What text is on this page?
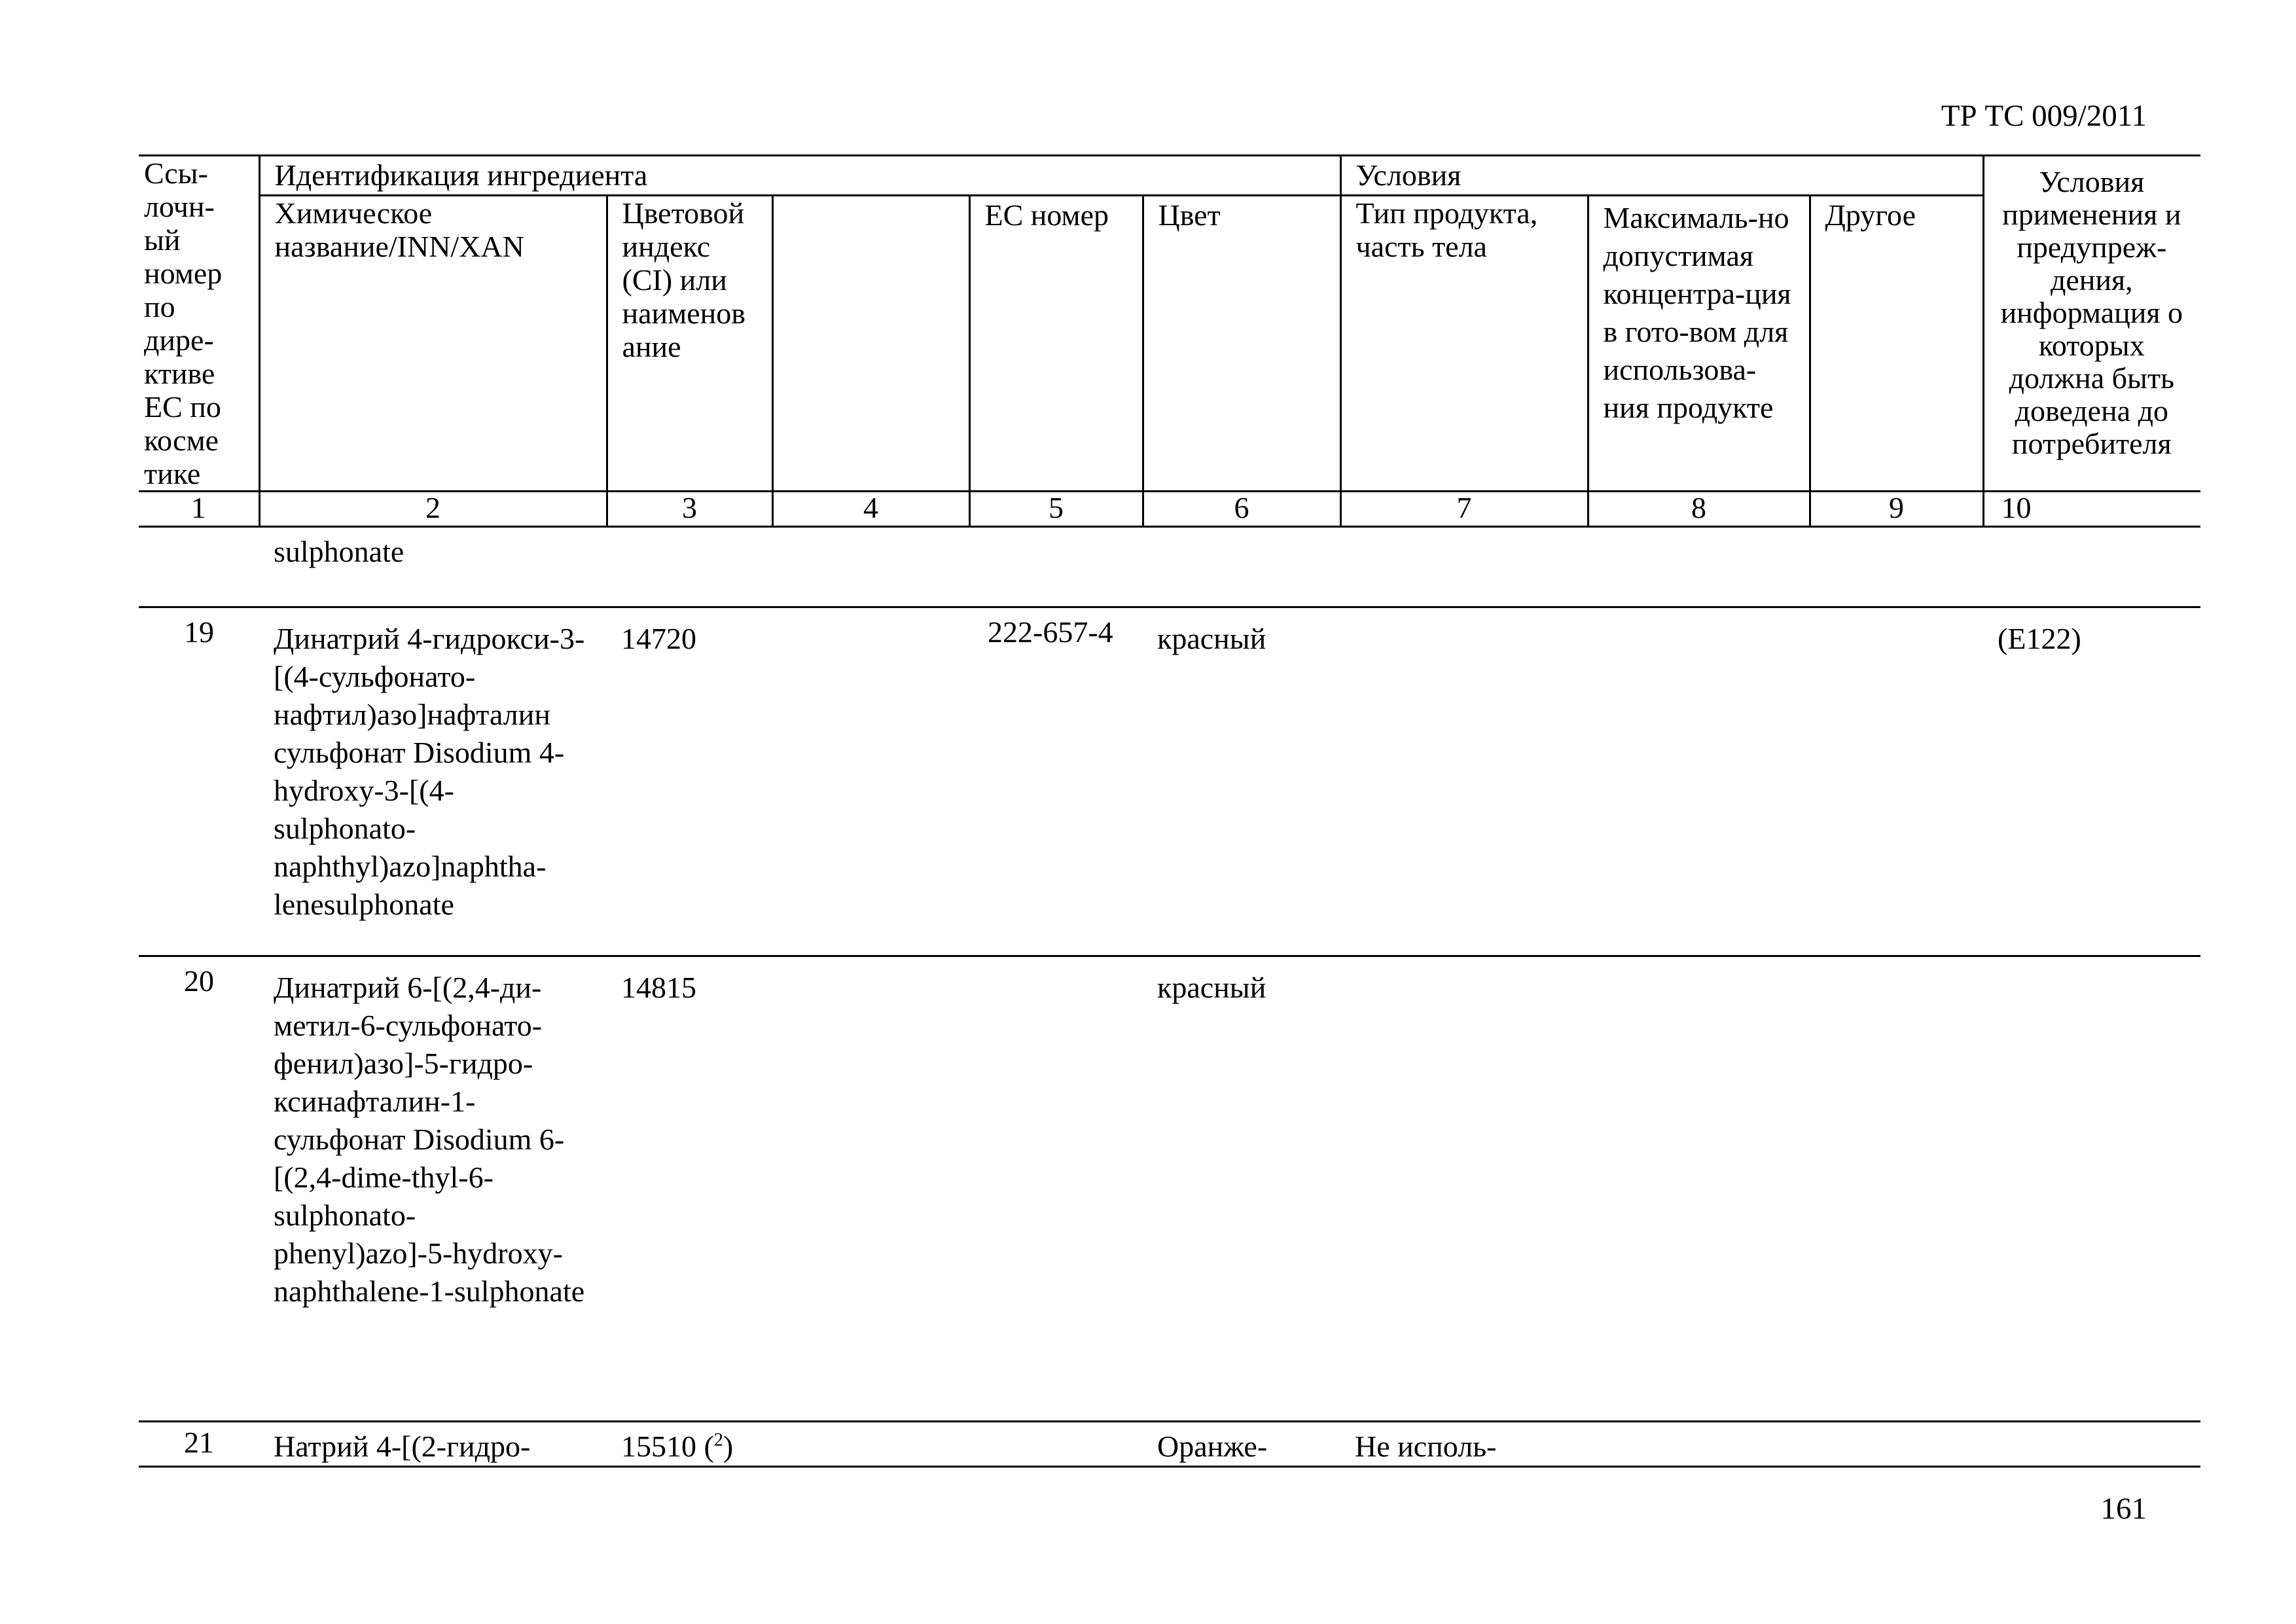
ТР ТС 009/2011
Ссы-лочн-ый номер по дире-ктиве ЕС по косме тике	Идентификация ингредиента					Условия			Условия применения и предупреж-дения, информация о которых должна быть доведена до потребителя
	Химическое название/INN/XAN	Цветовой индекс (CI) или наименов ание		ЕС номер	Цвет	Тип продукта, часть тела	Максималь-но допустимая концентра-ция в гото-вом для использова-ния продукте	Другое	
1	2	3	4	5	6	7	8	9	10
	sulphonate								
19	Динатрий 4-гидрокси-3-[(4-сульфонато-нафтил)азо]нафталин сульфонат Disodium 4-hydroxy-3-[(4-sulphonato-naphthyl)azo]naphtha-lenesulphonate	14720		222-657-4	красный				(E122)
20	Динатрий 6-[(2,4-ди-метил-6-сульфонато-фенил)азо]-5-гидро-ксинафталин-1-сульфонат Disodium 6-[(2,4-dime-thyl-6-sulphonato-phenyl)azo]-5-hydroxy-naphthalene-1-sulphonate	14815			красный				
21	Натрий 4-[(2-гидро-	15510 ($^2$)			Оранже-	Не исполь-			
161
